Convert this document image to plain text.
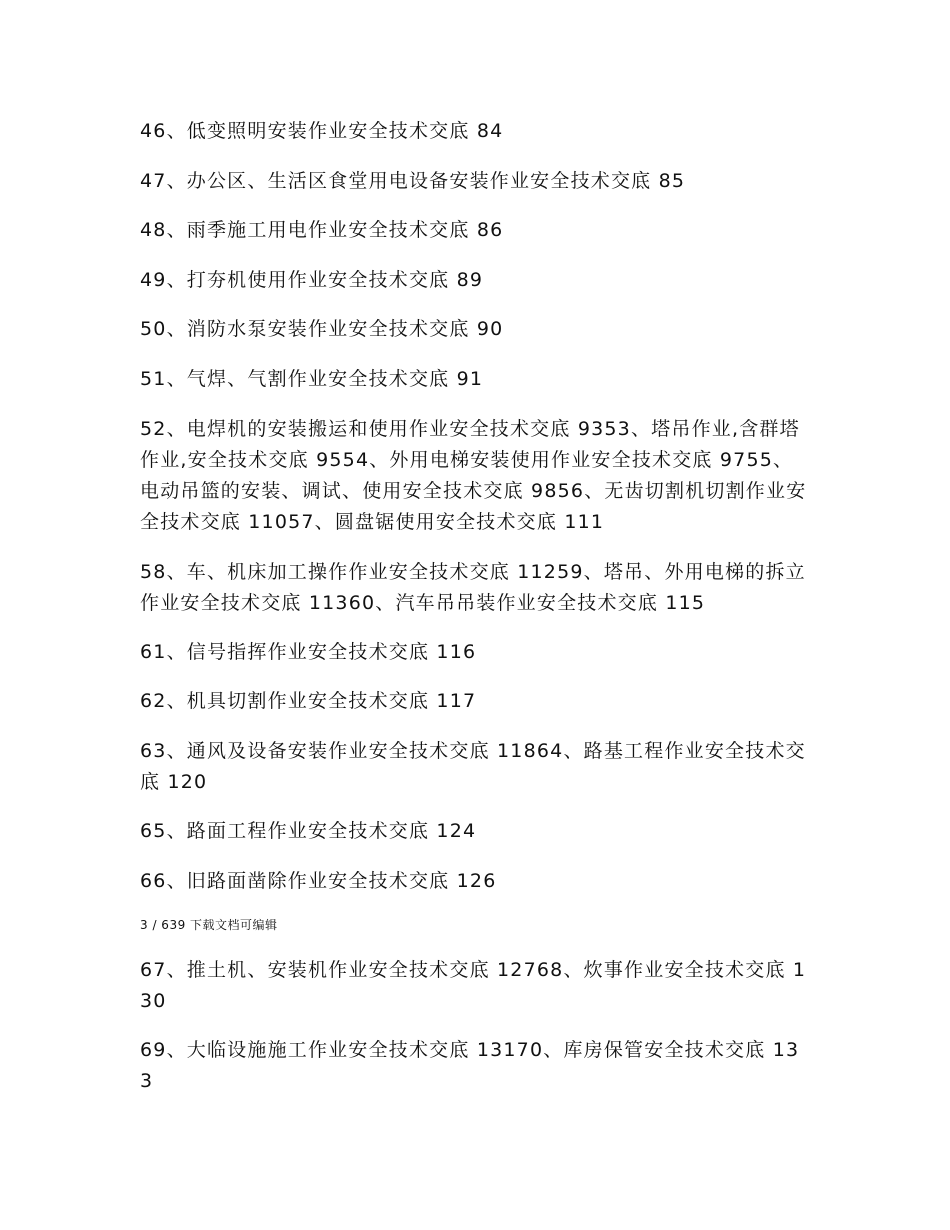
46、低变照明安装作业安全技术交底 84

47、办公区、生活区食堂用电设备安装作业安全技术交底 85

48、雨季施工用电作业安全技术交底 86

49、打夯机使用作业安全技术交底 89

50、消防水泵安装作业安全技术交底 90

51、气焊、气割作业安全技术交底 91

52、电焊机的安装搬运和使用作业安全技术交底 9353、塔吊作业,含群塔作业,安全技术交底 9554、外用电梯安装使用作业安全技术交底 9755、电动吊篮的安装、调试、使用安全技术交底 9856、无齿切割机切割作业安全技术交底 11057、圆盘锯使用安全技术交底 111

58、车、机床加工操作作业安全技术交底 11259、塔吊、外用电梯的拆立作业安全技术交底 11360、汽车吊吊装作业安全技术交底 115

61、信号指挥作业安全技术交底 116

62、机具切割作业安全技术交底 117

63、通风及设备安装作业安全技术交底 11864、路基工程作业安全技术交底 120

65、路面工程作业安全技术交底 124

66、旧路面凿除作业安全技术交底 126

3 / 639 下载文档可编辑

67、推土机、安装机作业安全技术交底 12768、炊事作业安全技术交底 130

69、大临设施施工作业安全技术交底 13170、库房保管安全技术交底 133
